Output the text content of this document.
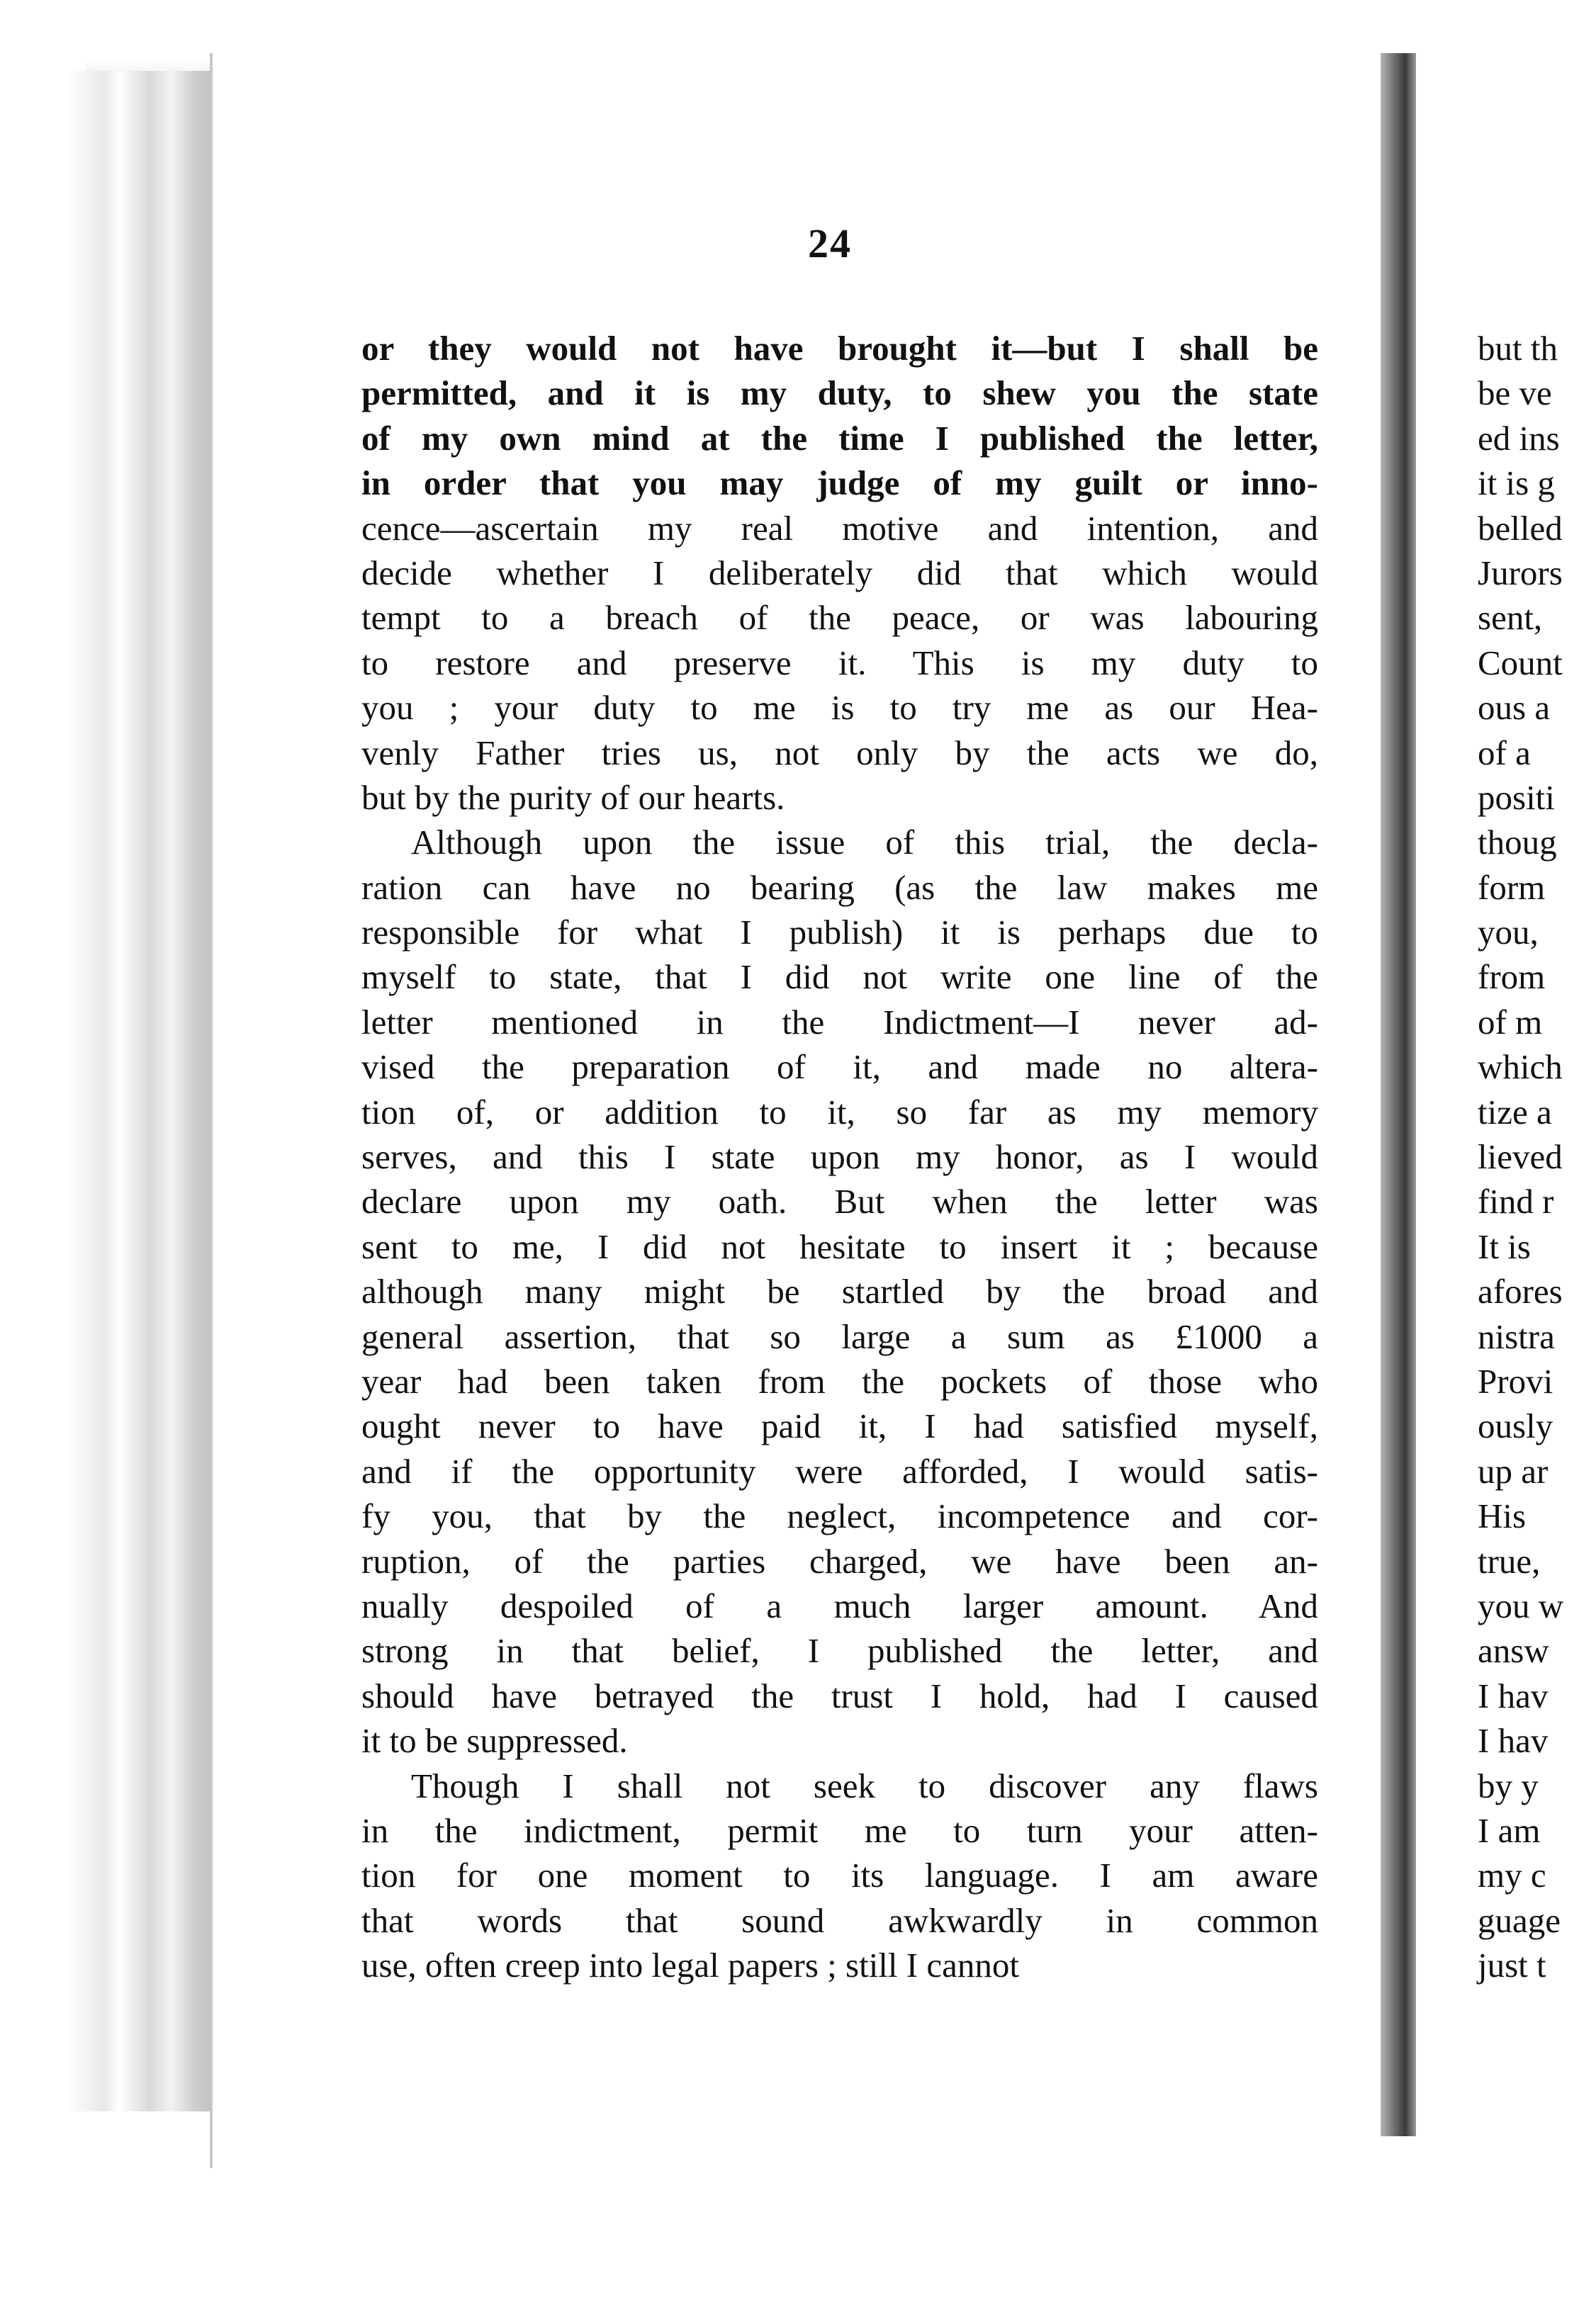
24
or they would not have brought it—but I shall be
permitted, and it is my duty, to shew you the state
of my own mind at the time I published the letter,
in order that you may judge of my guilt or inno-
cence—ascertain my real motive and intention, and
decide whether I deliberately did that which would
tempt to a breach of the peace, or was labouring
to restore and preserve it. This is my duty to
you ; your duty to me is to try me as our Hea-
venly Father tries us, not only by the acts we do,
but by the purity of our hearts.
Although upon the issue of this trial, the decla-
ration can have no bearing (as the law makes me
responsible for what I publish) it is perhaps due to
myself to state, that I did not write one line of the
letter mentioned in the Indictment—I never ad-
vised the preparation of it, and made no altera-
tion of, or addition to it, so far as my memory
serves, and this I state upon my honor, as I would
declare upon my oath. But when the letter was
sent to me, I did not hesitate to insert it ; because
although many might be startled by the broad and
general assertion, that so large a sum as £1000 a
year had been taken from the pockets of those who
ought never to have paid it, I had satisfied myself,
and if the opportunity were afforded, I would satis-
fy you, that by the neglect, incompetence and cor-
ruption, of the parties charged, we have been an-
nually despoiled of a much larger amount. And
strong in that belief, I published the letter, and
should have betrayed the trust I hold, had I caused
it to be suppressed.
Though I shall not seek to discover any flaws
in the indictment, permit me to turn your atten-
tion for one moment to its language. I am aware
that words that sound awkwardly in common
use, often creep into legal papers ; still I cannot
but th
be ve
ed ins
it is g
belled
Jurors
sent,
Count
ous a
of a
positi
thoug
form
you,
from
of m
which
tize a
lieved
find r
It is
afores
nistra
Provi
ously
up ar
His
true,
you w
answ
I hav
I hav
by y
I am
my c
guage
just t
